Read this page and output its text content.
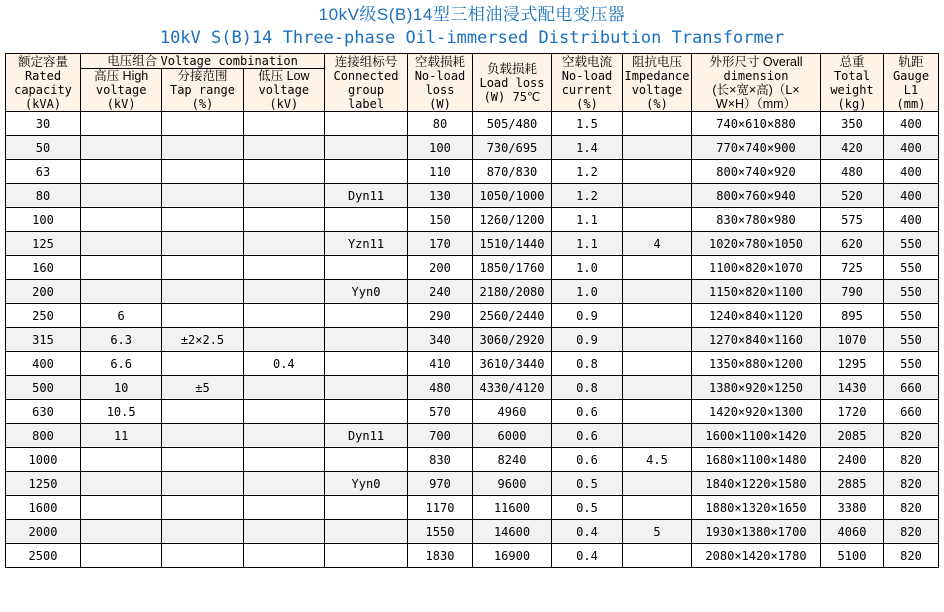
10kV级S(B)14型三相油浸式配电变压器
10kV S(B)14 Three-phase Oil-immersed Distribution Transformer
额定容量
Rated
capacity
(kVA)	电压组合 Voltage combination			连接组标号
Connected
group
label	空载损耗
No-load
loss
(W)	负载损耗
Load loss
(W) 75℃	空载电流
No-load
current
(%)	阻抗电压
Impedance
voltage
(%)	外形尺寸 Overall
dimension
(长×宽×高)（L×
W×H）（mm）	总重
Total
weight
(kg)	轨距
Gauge
L1
(mm)

	高压 High
voltage
(kV)	分接范围
Tap range
(%)	低压 Low
voltage
(kV)								

30					80	505/480	1.5		740×610×880	350	400
50					100	730/695	1.4		770×740×900	420	400
63					110	870/830	1.2		800×740×920	480	400
80				Dyn11	130	1050/1000	1.2		800×760×940	520	400
100					150	1260/1200	1.1		830×780×980	575	400
125				Yzn11	170	1510/1440	1.1	4	1020×780×1050	620	550
160					200	1850/1760	1.0		1100×820×1070	725	550
200				Yyn0	240	2180/2080	1.0		1150×820×1100	790	550
250	6				290	2560/2440	0.9		1240×840×1120	895	550
315	6.3	±2×2.5			340	3060/2920	0.9		1270×840×1160	1070	550
400	6.6		0.4		410	3610/3440	0.8		1350×880×1200	1295	550
500	10	±5			480	4330/4120	0.8		1380×920×1250	1430	660
630	10.5				570	4960	0.6		1420×920×1300	1720	660
800	11			Dyn11	700	6000	0.6		1600×1100×1420	2085	820
1000					830	8240	0.6	4.5	1680×1100×1480	2400	820
1250				Yyn0	970	9600	0.5		1840×1220×1580	2885	820
1600					1170	11600	0.5		1880×1320×1650	3380	820
2000					1550	14600	0.4	5	1930×1380×1700	4060	820
2500					1830	16900	0.4		2080×1420×1780	5100	820
